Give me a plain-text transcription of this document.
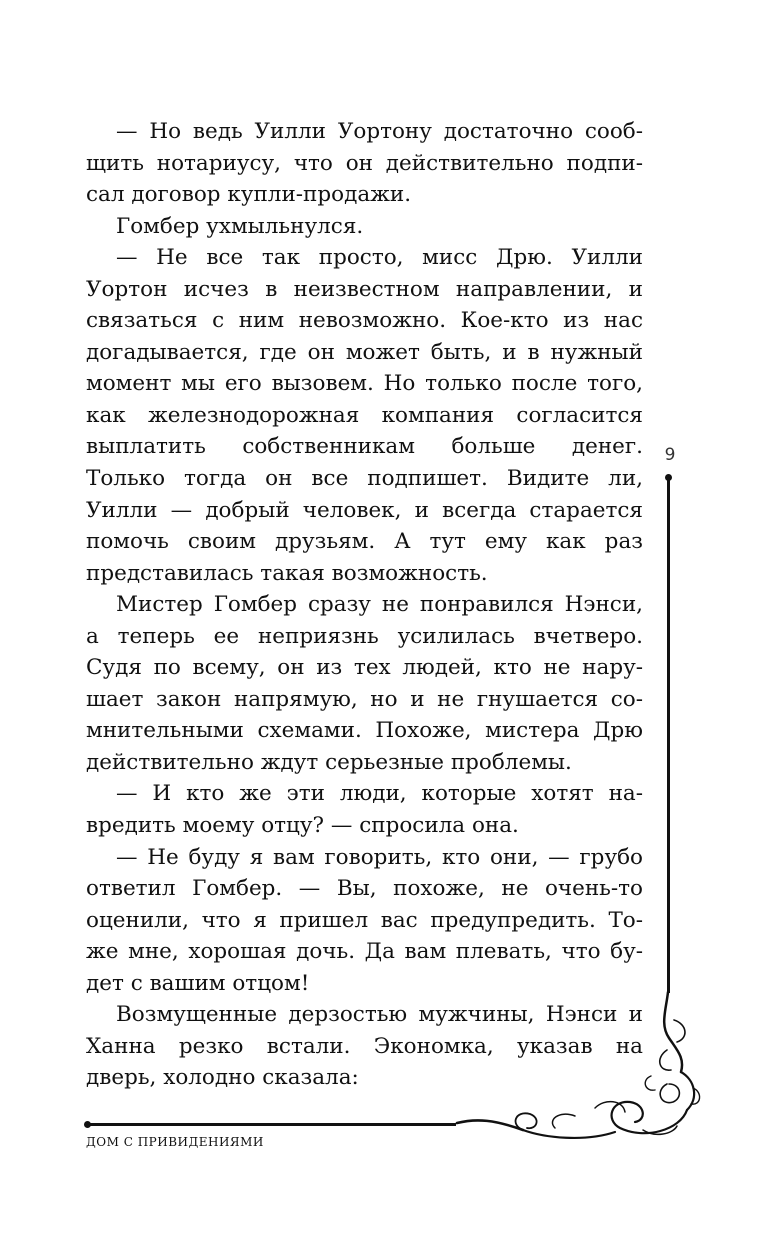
— Но ведь Уилли Уортону достаточно сооб-
щить нотариусу, что он действительно подпи-
сал договор купли-продажи.

Гомбер ухмыльнулся.

— Не все так просто, мисс Дрю. Уилли
Уортон исчез в неизвестном направлении, и
связаться с ним невозможно. Кое-кто из нас
догадывается, где он может быть, и в нужный
момент мы его вызовем. Но только после того,
как железнодорожная компания согласится
выплатить собственникам больше денег.
Только тогда он все подпишет. Видите ли,
Уилли — добрый человек, и всегда старается
помочь своим друзьям. А тут ему как раз
представилась такая возможность.

Мистер Гомбер сразу не понравился Нэнси,
а теперь ее неприязнь усилилась вчетверо.
Судя по всему, он из тех людей, кто не нару-
шает закон напрямую, но и не гнушается со-
мнительными схемами. Похоже, мистера Дрю
действительно ждут серьезные проблемы.

— И кто же эти люди, которые хотят на-
вредить моему отцу? — спросила она.

— Не буду я вам говорить, кто они, — грубо
ответил Гомбер. — Вы, похоже, не очень-то
оценили, что я пришел вас предупредить. То-
же мне, хорошая дочь. Да вам плевать, что бу-
дет с вашим отцом!

Возмущенные дерзостью мужчины, Нэнси и
Ханна резко встали. Экономка, указав на
дверь, холодно сказала:

9
ДОМ С ПРИВИДЕНИЯМИ
